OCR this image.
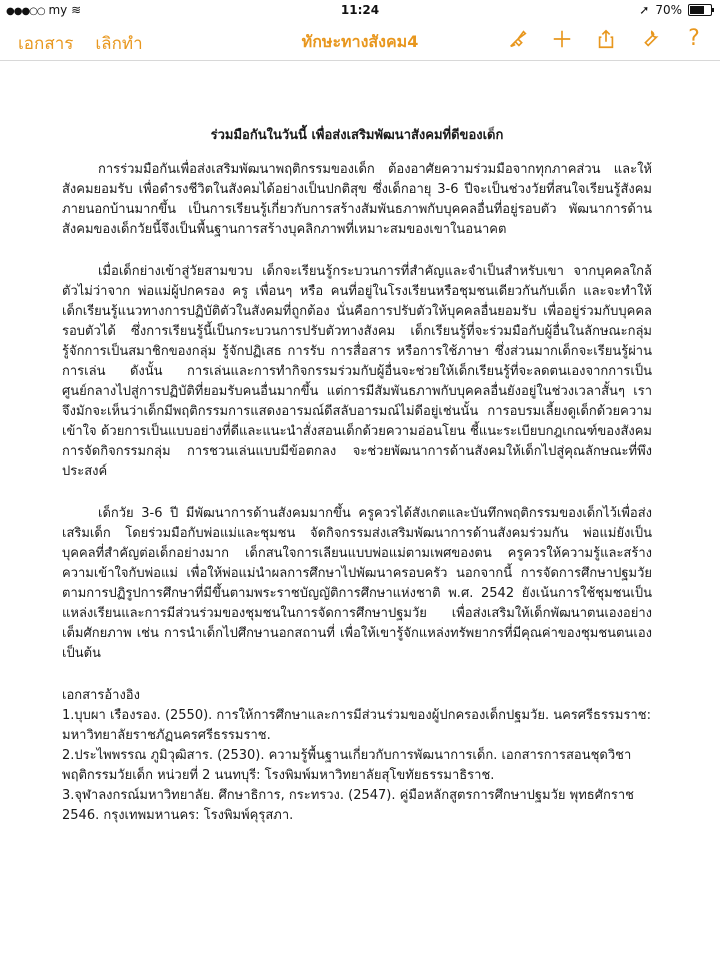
●●●○○ my ≋	11:24	➚ 70%
เอกสาร เลิกทำ	ทักษะทางสังคม4	?
ร่วมมือกันในวันนี้ เพื่อส่งเสริมพัฒนาสังคมที่ดีของเด็ก

การร่วมมือกันเพื่อส่งเสริมพัฒนาพฤติกรรมของเด็ก ต้องอาศัยความร่วมมือจากทุกภาคส่วน และให้สังคมยอมรับ เพื่อดำรงชีวิตในสังคมได้อย่างเป็นปกติสุข ซึ่งเด็กอายุ 3-6 ปีจะเป็นช่วงวัยที่สนใจเรียนรู้สังคมภายนอกบ้านมากขึ้น เป็นการเรียนรู้เกี่ยวกับการสร้างสัมพันธภาพกับบุคคลอื่นที่อยู่รอบตัว พัฒนาการด้านสังคมของเด็กวัยนี้จึงเป็นพื้นฐานการสร้างบุคลิกภาพที่เหมาะสมของเขาในอนาคต

เมื่อเด็กย่างเข้าสู่วัยสามขวบ เด็กจะเรียนรู้กระบวนการที่สำคัญและจำเป็นสำหรับเขา จากบุคคลใกล้ตัวไม่ว่าจาก พ่อแม่ผู้ปกครอง ครู เพื่อนๆ หรือ คนที่อยู่ในโรงเรียนหรือชุมชนเดียวกันกับเด็ก และจะทำให้เด็กเรียนรู้แนวทางการปฏิบัติตัวในสังคมที่ถูกต้อง นั่นคือการปรับตัวให้บุคคลอื่นยอมรับ เพื่ออยู่ร่วมกับบุคคลรอบตัวได้ ซึ่งการเรียนรู้นี้เป็นกระบวนการปรับตัวทางสังคม เด็กเรียนรู้ที่จะร่วมมือกับผู้อื่นในลักษณะกลุ่ม รู้จักการเป็นสมาชิกของกลุ่ม รู้จักปฏิเสธ การรับ การสื่อสาร หรือการใช้ภาษา ซึ่งส่วนมากเด็กจะเรียนรู้ผ่านการเล่น ดังนั้น การเล่นและการทำกิจกรรมร่วมกับผู้อื่นจะช่วยให้เด็กเรียนรู้ที่จะลดตนเองจากการเป็นศูนย์กลางไปสู่การปฏิบัติที่ยอมรับคนอื่นมากขึ้น แต่การมีสัมพันธภาพกับบุคคลอื่นยังอยู่ในช่วงเวลาสั้นๆ เราจึงมักจะเห็นว่าเด็กมีพฤติกรรมการแสดงอารมณ์ดีสลับอารมณ์ไม่ดีอยู่เช่นนั้น การอบรมเลี้ยงดูเด็กด้วยความเข้าใจ ด้วยการเป็นแบบอย่างที่ดีและแนะนำสั่งสอนเด็กด้วยความอ่อนโยน ชี้แนะระเบียบกฎเกณฑ์ของสังคม การจัดกิจกรรมกลุ่ม การชวนเล่นแบบมีข้อตกลง จะช่วยพัฒนาการด้านสังคมให้เด็กไปสู่คุณลักษณะที่พึงประสงค์

เด็กวัย 3-6 ปี มีพัฒนาการด้านสังคมมากขึ้น ครูควรได้สังเกตและบันทึกพฤติกรรมของเด็กไว้เพื่อส่งเสริมเด็ก โดยร่วมมือกับพ่อแม่และชุมชน จัดกิจกรรมส่งเสริมพัฒนาการด้านสังคมร่วมกัน พ่อแม่ยังเป็นบุคคลที่สำคัญต่อเด็กอย่างมาก เด็กสนใจการเลียนแบบพ่อแม่ตามเพศของตน ครูควรให้ความรู้และสร้างความเข้าใจกับพ่อแม่ เพื่อให้พ่อแม่นำผลการศึกษาไปพัฒนาครอบครัว นอกจากนี้ การจัดการศึกษาปฐมวัยตามการปฏิรูปการศึกษาที่มีขึ้นตามพระราชบัญญัติการศึกษาแห่งชาติ พ.ศ. 2542 ยังเน้นการใช้ชุมชนเป็นแหล่งเรียนและการมีส่วนร่วมของชุมชนในการจัดการศึกษาปฐมวัย เพื่อส่งเสริมให้เด็กพัฒนาตนเองอย่างเต็มศักยภาพ เช่น การนำเด็กไปศึกษานอกสถานที่ เพื่อให้เขารู้จักแหล่งทรัพยากรที่มีคุณค่าของชุมชนตนเอง เป็นต้น

เอกสารอ้างอิง
1.บุบผา เรืองรอง. (2550). การให้การศึกษาและการมีส่วนร่วมของผู้ปกครองเด็กปฐมวัย. นครศรีธรรมราช: มหาวิทยาลัยราชภัฏนครศรีธรรมราช.
2.ประไพพรรณ ภูมิวุฒิสาร. (2530). ความรู้พื้นฐานเกี่ยวกับการพัฒนาการเด็ก. เอกสารการสอนชุดวิชาพฤติกรรมวัยเด็ก หน่วยที่ 2 นนทบุรี: โรงพิมพ์มหาวิทยาลัยสุโขทัยธรรมาธิราช.
3.จุฬาลงกรณ์มหาวิทยาลัย. ศึกษาธิการ, กระทรวง. (2547). คู่มือหลักสูตรการศึกษาปฐมวัย พุทธศักราช 2546. กรุงเทพมหานคร: โรงพิมพ์คุรุสภา.
